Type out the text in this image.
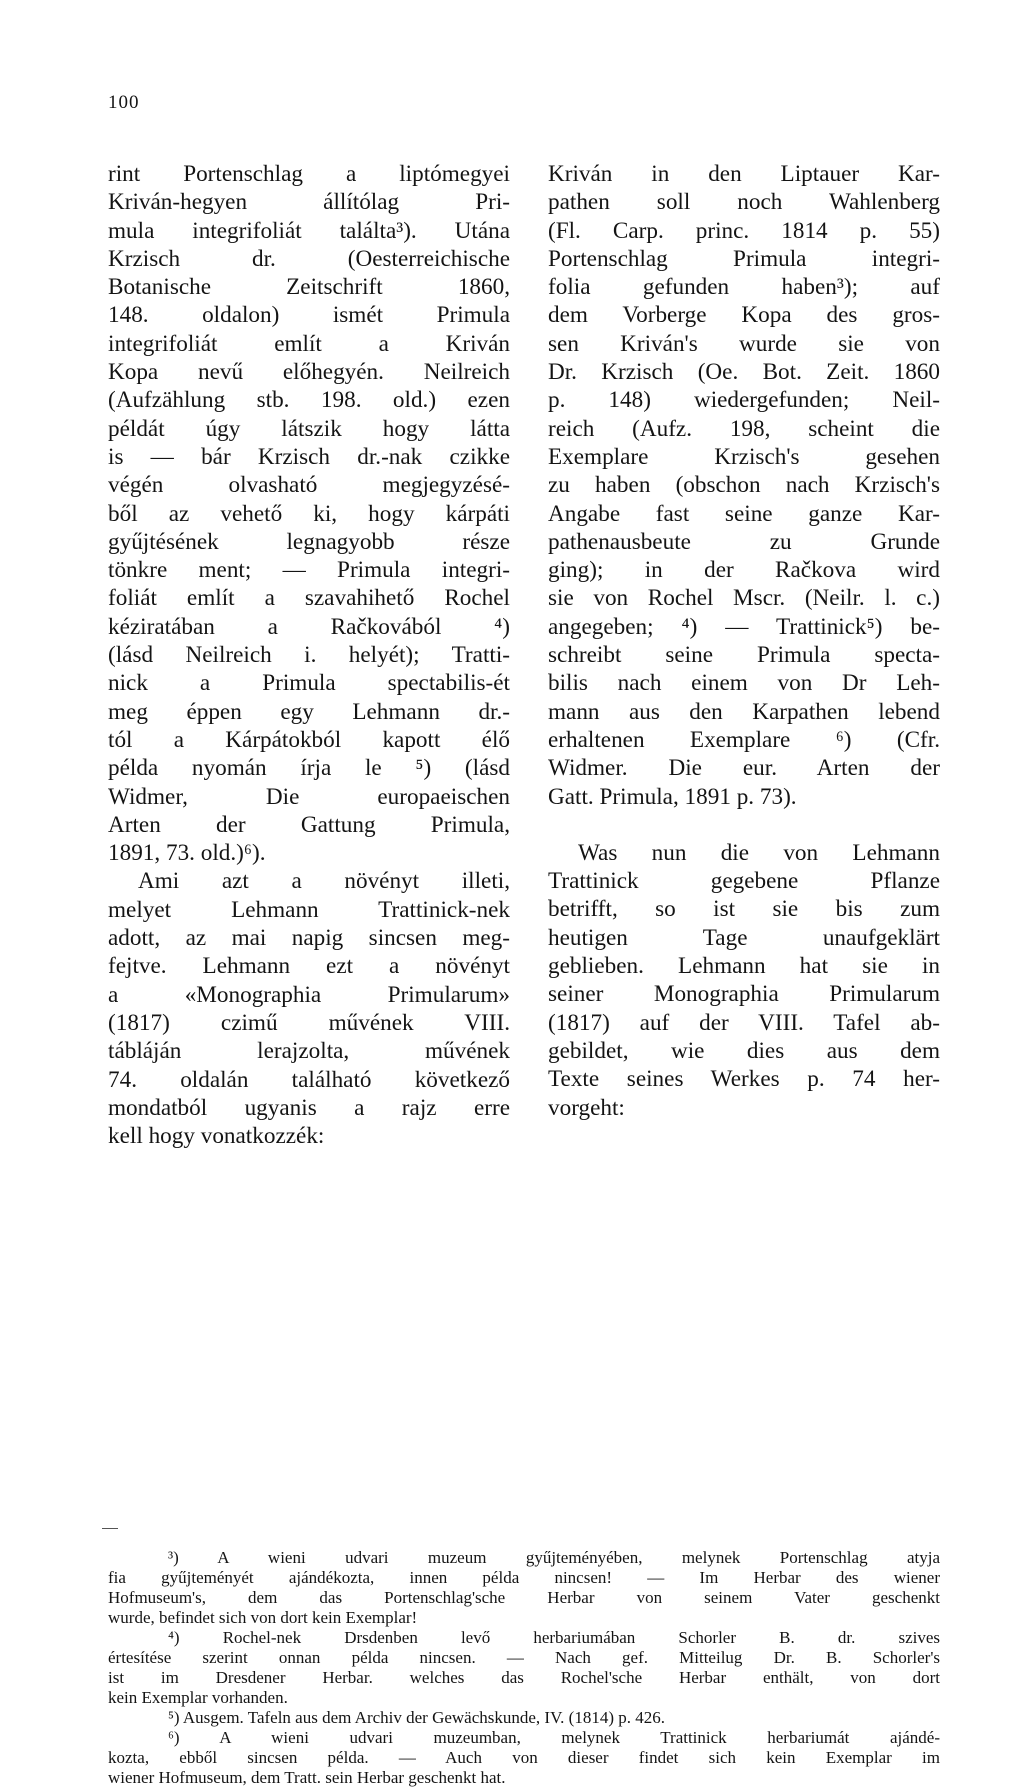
100
rint Portenschlag a liptómegyei
Kriván-hegyen állítólag Pri-
mula integrifoliát találta³). Utána
Krzisch dr. (Oesterreichische
Botanische Zeitschrift 1860,
148. oldalon) ismét Primula
integrifoliát említ a Kriván
Kopa nevű előhegyén. Neilreich
(Aufzählung stb. 198. old.) ezen
példát úgy látszik hogy látta
is — bár Krzisch dr.-nak czikke
végén olvasható megjegyzésé-
ből az vehető ki, hogy kárpáti
gyűjtésének legnagyobb része
tönkre ment; — Primula integri-
foliát említ a szavahihető Rochel
kéziratában a Račkovából ⁴)
(lásd Neilreich i. helyét); Tratti-
nick a Primula spectabilis-ét
meg éppen egy Lehmann dr.-
tól a Kárpátokból kapott élő
példa nyomán írja le ⁵) (lásd
Widmer, Die europaeischen
Arten der Gattung Primula,
1891, 73. old.)⁶).
Ami azt a növényt illeti,
melyet Lehmann Trattinick-nek
adott, az mai napig sincsen meg-
fejtve. Lehmann ezt a növényt
a «Monographia Primularum»
(1817) czimű művének VIII.
tábláján lerajzolta, művének
74. oldalán található következő
mondatból ugyanis a rajz erre
kell hogy vonatkozzék:
Kriván in den Liptauer Kar-
pathen soll noch Wahlenberg
(Fl. Carp. princ. 1814 p. 55)
Portenschlag Primula integri-
folia gefunden haben³); auf
dem Vorberge Kopa des gros-
sen Kriván's wurde sie von
Dr. Krzisch (Oe. Bot. Zeit. 1860
p. 148) wiedergefunden; Neil-
reich (Aufz. 198, scheint die
Exemplare Krzisch's gesehen
zu haben (obschon nach Krzisch's
Angabe fast seine ganze Kar-
pathenausbeute zu Grunde
ging); in der Račkova wird
sie von Rochel Mscr. (Neilr. l. c.)
angegeben; ⁴) — Trattinick⁵) be-
schreibt seine Primula specta-
bilis nach einem von Dr Leh-
mann aus den Karpathen lebend
erhaltenen Exemplare ⁶) (Cfr.
Widmer. Die eur. Arten der
Gatt. Primula, 1891 p. 73).
Was nun die von Lehmann
Trattinick gegebene Pflanze
betrifft, so ist sie bis zum
heutigen Tage unaufgeklärt
geblieben. Lehmann hat sie in
seiner Monographia Primularum
(1817) auf der VIII. Tafel ab-
gebildet, wie dies aus dem
Texte seines Werkes p. 74 her-
vorgeht:
³) A wieni udvari muzeum gyűjteményében, melynek Portenschlag atyja
fia gyűjteményét ajándékozta, innen példa nincsen! — Im Herbar des wiener
Hofmuseum's, dem das Portenschlag'sche Herbar von seinem Vater geschenkt
wurde, befindet sich von dort kein Exemplar!
⁴) Rochel-nek Drsdenben levő herbariumában Schorler B. dr. szives
értesítése szerint onnan példa nincsen. — Nach gef. Mitteilug Dr. B. Schorler's
ist im Dresdener Herbar. welches das Rochel'sche Herbar enthält, von dort
kein Exemplar vorhanden.
⁵) Ausgem. Tafeln aus dem Archiv der Gewächskunde, IV. (1814) p. 426.
⁶) A wieni udvari muzeumban, melynek Trattinick herbariumát ajándé-
kozta, ebből sincsen példa. — Auch von dieser findet sich kein Exemplar im
wiener Hofmuseum, dem Tratt. sein Herbar geschenkt hat.
